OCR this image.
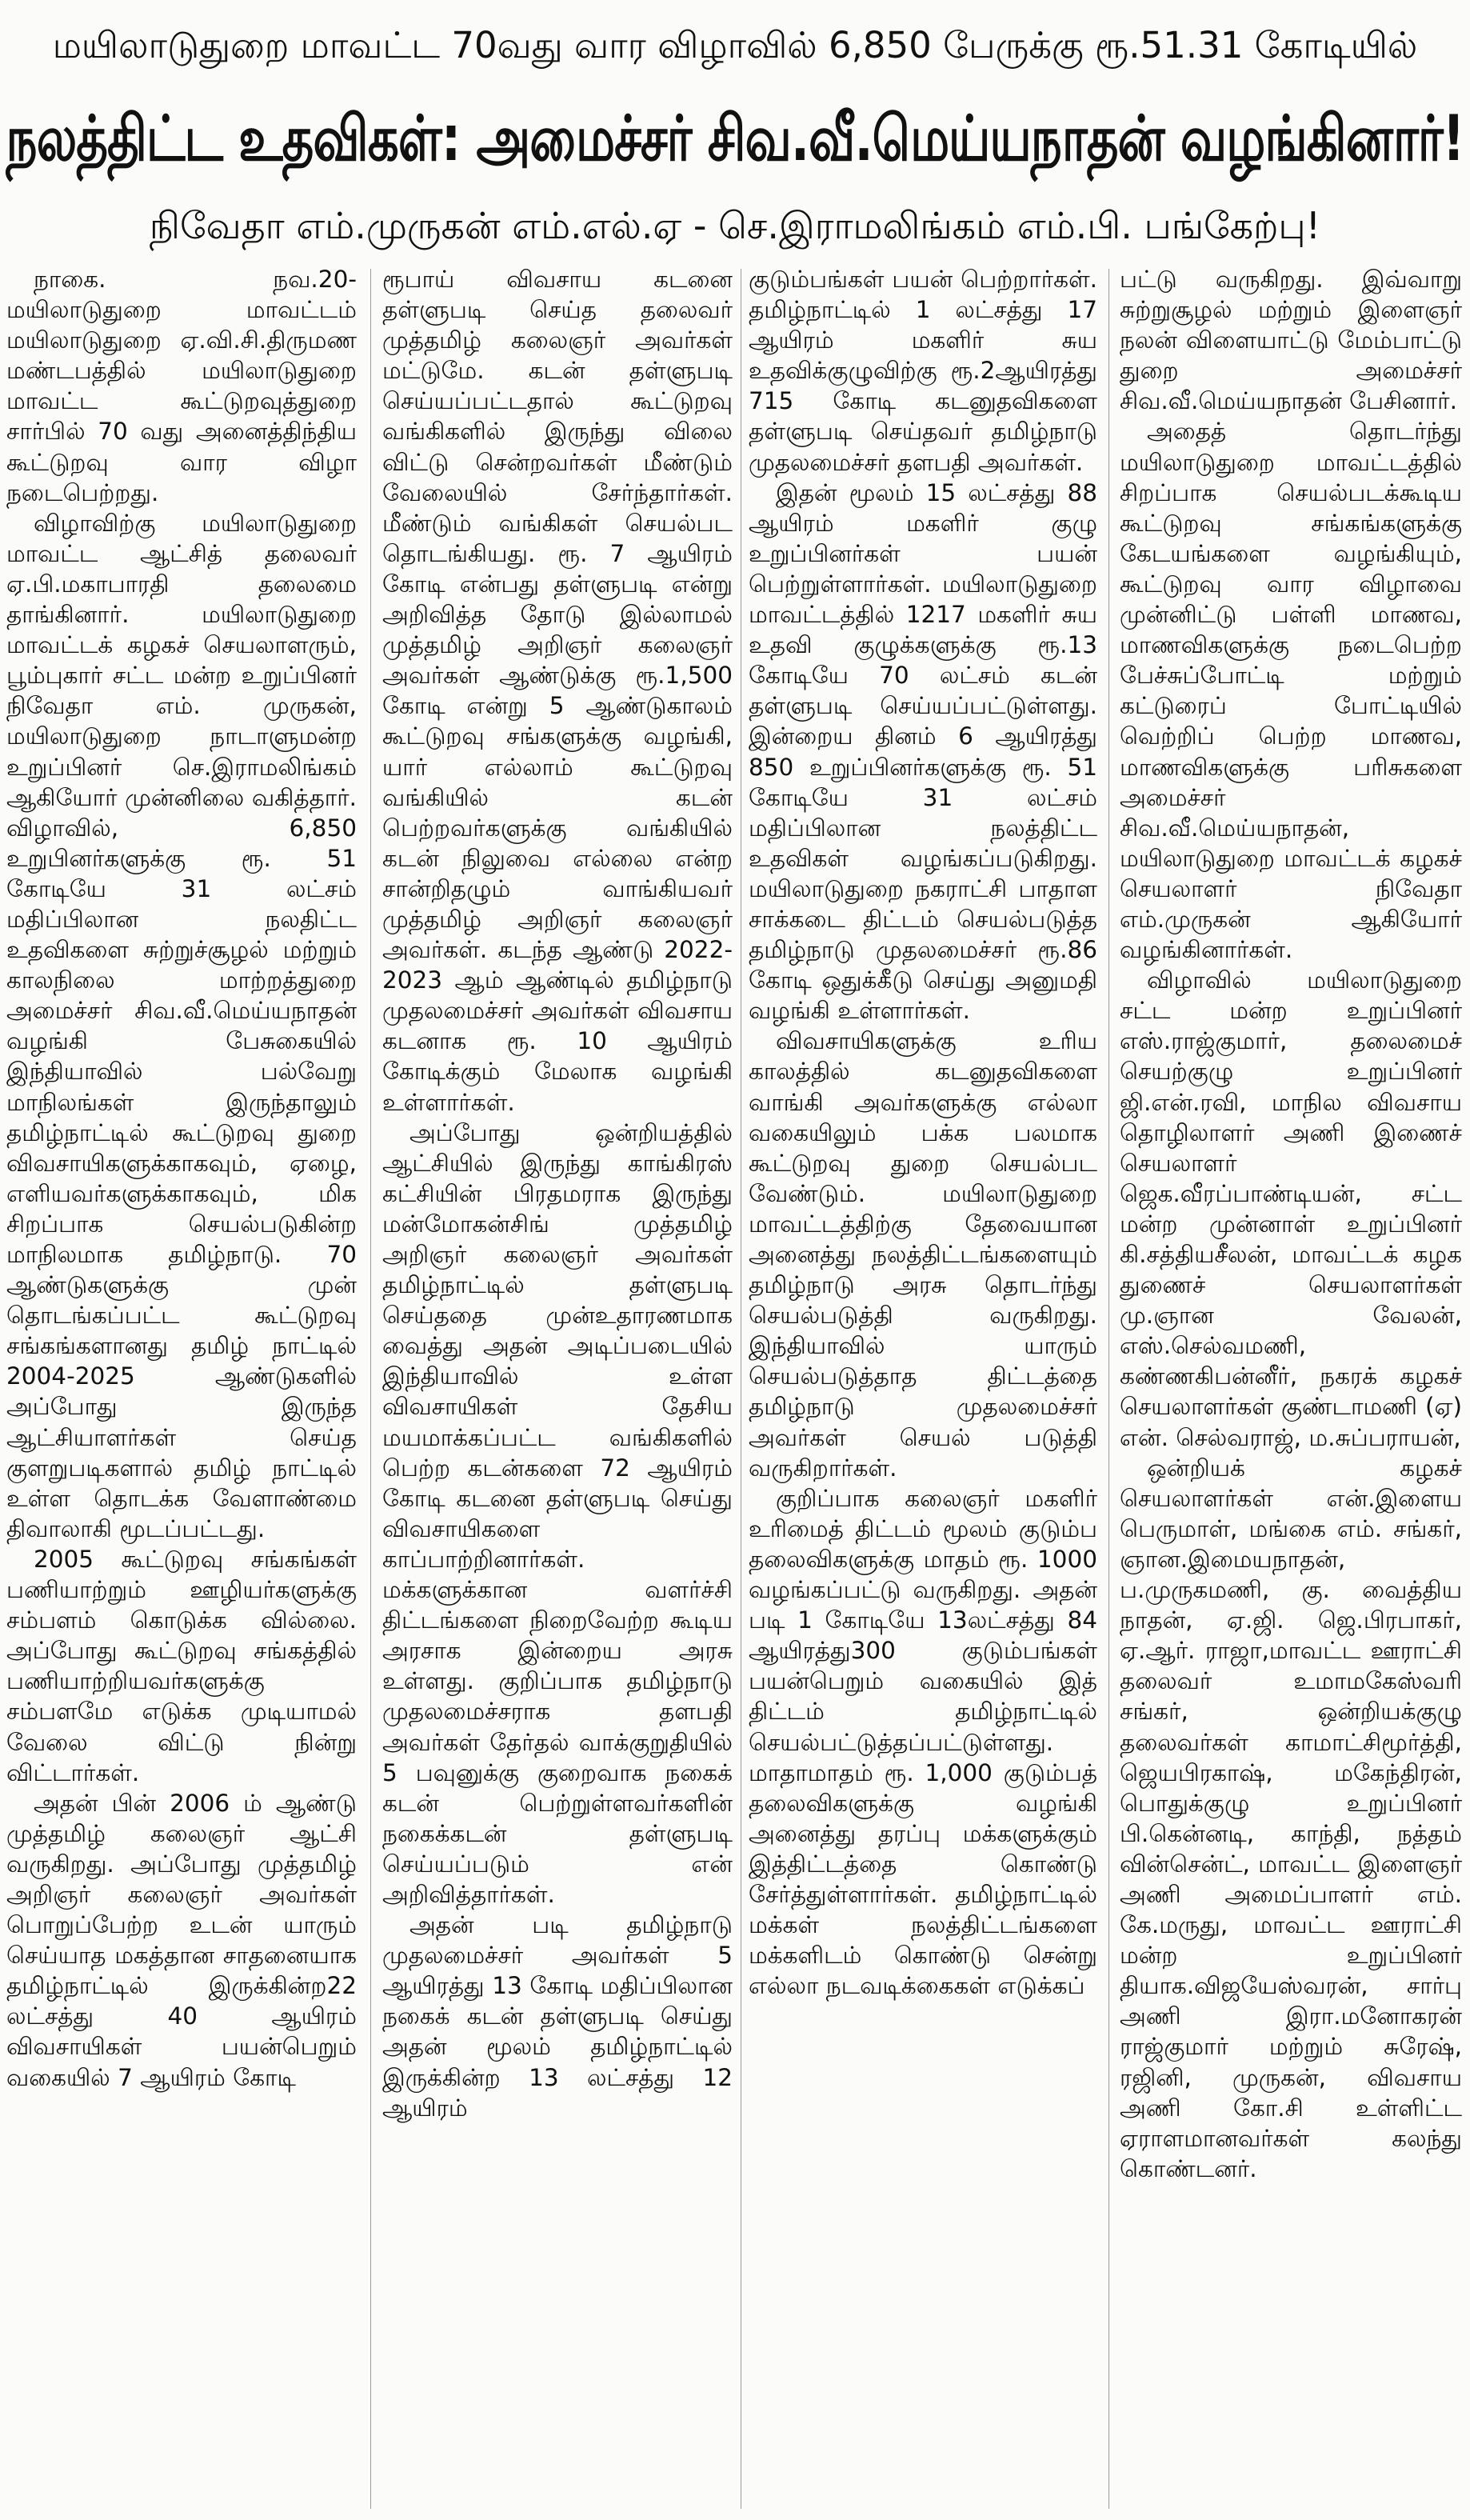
மயிலாடுதுறை மாவட்ட 70வது வார விழாவில் 6,850 பேருக்கு ரூ.51.31 கோடியில்
நலத்திட்ட உதவிகள்: அமைச்சர் சிவ.வீ.மெய்யநாதன் வழங்கினார்!
நிவேதா எம்.முருகன் எம்.எல்.ஏ - செ.இராமலிங்கம் எம்.பி. பங்கேற்பு!

நாகை. நவ.20- மயிலாடுதுறை மாவட்டம் மயிலாடுதுறை ஏ.வி.சி.திருமண மண்டபத்தில் மயிலாடுதுறை மாவட்ட கூட்டுறவுத்துறை சார்பில் 70 வது அனைத்திந்திய கூட்டுறவு வார விழா நடைபெற்றது.

விழாவிற்கு மயிலாடுதுறை மாவட்ட ஆட்சித் தலைவர் ஏ.பி.மகாபாரதி தலைமை தாங்கினார். மயிலாடுதுறை மாவட்டக் கழகச் செயலாளரும், பூம்புகார் சட்ட மன்ற உறுப்பினர் நிவேதா எம். முருகன், மயிலாடுதுறை நாடாளுமன்ற உறுப்பினர் செ.இராமலிங்கம் ஆகியோர் முன்னிலை வகித்தார். விழாவில், 6,850 உறுபினர்களுக்கு ரூ. 51 கோடியே 31 லட்சம் மதிப்பிலான நலதிட்ட உதவிகளை சுற்றுச்சூழல் மற்றும் காலநிலை மாற்றத்துறை அமைச்சர் சிவ.வீ.மெய்யநாதன் வழங்கி பேசுகையில் இந்தியாவில் பல்வேறு மாநிலங்கள் இருந்தாலும் தமிழ்நாட்டில் கூட்டுறவு துறை விவசாயிகளுக்காகவும், ஏழை, எளியவர்களுக்காகவும், மிக சிறப்பாக செயல்படுகின்ற மாநிலமாக தமிழ்நாடு. 70 ஆண்டுகளுக்கு முன் தொடங்கப்பட்ட கூட்டுறவு சங்கங்களானது தமிழ் நாட்டில் 2004-2025 ஆண்டுகளில் அப்போது இருந்த ஆட்சியாளர்கள் செய்த குளறுபடிகளால் தமிழ் நாட்டில் உள்ள தொடக்க வேளாண்மை திவாலாகி மூடப்பட்டது.

2005 கூட்டுறவு சங்கங்கள் பணியாற்றும் ஊழியர்களுக்கு சம்பளம் கொடுக்க வில்லை. அப்போது கூட்டுறவு சங்கத்தில் பணியாற்றியவர்களுக்கு சம்பளமே எடுக்க முடியாமல் வேலை விட்டு நின்று விட்டார்கள்.

அதன் பின் 2006 ம் ஆண்டு முத்தமிழ் கலைஞர் ஆட்சி வருகிறது. அப்போது முத்தமிழ் அறிஞர் கலைஞர் அவர்கள் பொறுப்பேற்ற உடன் யாரும் செய்யாத மகத்தான சாதனையாக தமிழ்நாட்டில் இருக்கின்ற22 லட்சத்து 40 ஆயிரம் விவசாயிகள் பயன்பெறும் வகையில் 7 ஆயிரம் கோடி

ரூபாய் விவசாய கடனை தள்ளுபடி செய்த தலைவர் முத்தமிழ் கலைஞர் அவர்கள் மட்டுமே. கடன் தள்ளுபடி செய்யப்பட்டதால் கூட்டுறவு வங்கிகளில் இருந்து விலை விட்டு சென்றவர்கள் மீண்டும் வேலையில் சேர்ந்தார்கள். மீண்டும் வங்கிகள் செயல்பட தொடங்கியது. ரூ. 7 ஆயிரம் கோடி என்பது தள்ளுபடி என்று அறிவித்த தோடு இல்லாமல் முத்தமிழ் அறிஞர் கலைஞர் அவர்கள் ஆண்டுக்கு ரூ.1,500 கோடி என்று 5 ஆண்டுகாலம் கூட்டுறவு சங்களுக்கு வழங்கி, யார் எல்லாம் கூட்டுறவு வங்கியில் கடன் பெற்றவர்களுக்கு வங்கியில் கடன் நிலுவை எல்லை என்ற சான்றிதழும் வாங்கியவர் முத்தமிழ் அறிஞர் கலைஞர் அவர்கள். கடந்த ஆண்டு 2022-2023 ஆம் ஆண்டில் தமிழ்நாடு முதலமைச்சர் அவர்கள் விவசாய கடனாக ரூ. 10 ஆயிரம் கோடிக்கும் மேலாக வழங்கி உள்ளார்கள்.

அப்போது ஒன்றியத்தில் ஆட்சியில் இருந்து காங்கிரஸ் கட்சியின் பிரதமராக இருந்து மன்மோகன்சிங் முத்தமிழ் அறிஞர் கலைஞர் அவர்கள் தமிழ்நாட்டில் தள்ளுபடி செய்ததை முன்உதாரணமாக வைத்து அதன் அடிப்படையில் இந்தியாவில் உள்ள விவசாயிகள் தேசிய மயமாக்கப்பட்ட வங்கிகளில் பெற்ற கடன்களை 72 ஆயிரம் கோடி கடனை தள்ளுபடி செய்து விவசாயிகளை காப்பாற்றினார்கள். மக்களுக்கான வளர்ச்சி திட்டங்களை நிறைவேற்ற கூடிய அரசாக இன்றைய அரசு உள்ளது. குறிப்பாக தமிழ்நாடு முதலமைச்சராக தளபதி அவர்கள் தேர்தல் வாக்குறுதியில் 5 பவுனுக்கு குறைவாக நகைக் கடன் பெற்றுள்ளவர்களின் நகைக்கடன் தள்ளுபடி செய்யப்படும் என் அறிவித்தார்கள்.

அதன் படி தமிழ்நாடு முதலமைச்சர் அவர்கள் 5 ஆயிரத்து 13 கோடி மதிப்பிலான நகைக் கடன் தள்ளுபடி செய்து அதன் மூலம் தமிழ்நாட்டில் இருக்கின்ற 13 லட்சத்து 12 ஆயிரம்

குடும்பங்கள் பயன் பெற்றார்கள். தமிழ்நாட்டில் 1 லட்சத்து 17 ஆயிரம் மகளிர் சுய உதவிக்குழுவிற்கு ரூ.2ஆயிரத்து 715 கோடி கடனுதவிகளை தள்ளுபடி செய்தவர் தமிழ்நாடு முதலமைச்சர் தளபதி அவர்கள்.

இதன் மூலம் 15 லட்சத்து 88 ஆயிரம் மகளிர் குழு உறுப்பினர்கள் பயன் பெற்றுள்ளார்கள். மயிலாடுதுறை மாவட்டத்தில் 1217 மகளிர் சுய உதவி குழுக்களுக்கு ரூ.13 கோடியே 70 லட்சம் கடன் தள்ளுபடி செய்யப்பட்டுள்ளது. இன்றைய தினம் 6 ஆயிரத்து 850 உறுப்பினர்களுக்கு ரூ. 51 கோடியே 31 லட்சம் மதிப்பிலான நலத்திட்ட உதவிகள் வழங்கப்படுகிறது. மயிலாடுதுறை நகராட்சி பாதாள சாக்கடை திட்டம் செயல்படுத்த தமிழ்நாடு முதலமைச்சர் ரூ.86 கோடி ஒதுக்கீடு செய்து அனுமதி வழங்கி உள்ளார்கள்.

விவசாயிகளுக்கு உரிய காலத்தில் கடனுதவிகளை வாங்கி அவர்களுக்கு எல்லா வகையிலும் பக்க பலமாக கூட்டுறவு துறை செயல்பட வேண்டும். மயிலாடுதுறை மாவட்டத்திற்கு தேவையான அனைத்து நலத்திட்டங்களையும் தமிழ்நாடு அரசு தொடர்ந்து செயல்படுத்தி வருகிறது. இந்தியாவில் யாரும் செயல்படுத்தாத திட்டத்தை தமிழ்நாடு முதலமைச்சர் அவர்கள் செயல் படுத்தி வருகிறார்கள்.

குறிப்பாக கலைஞர் மகளிர் உரிமைத் திட்டம் மூலம் குடும்ப தலைவிகளுக்கு மாதம் ரூ. 1000 வழங்கப்பட்டு வருகிறது. அதன் படி 1 கோடியே 13லட்சத்து 84 ஆயிரத்து300 குடும்பங்கள் பயன்பெறும் வகையில் இத் திட்டம் தமிழ்நாட்டில் செயல்பட்டுத்தப்பட்டுள்ளது. மாதாமாதம் ரூ. 1,000 குடும்பத் தலைவிகளுக்கு வழங்கி அனைத்து தரப்பு மக்களுக்கும் இத்திட்டத்தை கொண்டு சேர்த்துள்ளார்கள். தமிழ்நாட்டில் மக்கள் நலத்திட்டங்களை மக்களிடம் கொண்டு சென்று எல்லா நடவடிக்கைகள் எடுக்கப்

பட்டு வருகிறது. இவ்வாறு சுற்றுசூழல் மற்றும் இளைஞர் நலன் விளையாட்டு மேம்பாட்டு துறை அமைச்சர் சிவ.வீ.மெய்யநாதன் பேசினார்.

அதைத் தொடர்ந்து மயிலாடுதுறை மாவட்டத்தில் சிறப்பாக செயல்படக்கூடிய கூட்டுறவு சங்கங்களுக்கு கேடயங்களை வழங்கியும், கூட்டுறவு வார விழாவை முன்னிட்டு பள்ளி மாணவ, மாணவிகளுக்கு நடைபெற்ற பேச்சுப்போட்டி மற்றும் கட்டுரைப் போட்டியில் வெற்றிப் பெற்ற மாணவ, மாணவிகளுக்கு பரிசுகளை அமைச்சர் சிவ.வீ.மெய்யநாதன், மயிலாடுதுறை மாவட்டக் கழகச் செயலாளர் நிவேதா எம்.முருகன் ஆகியோர் வழங்கினார்கள்.

விழாவில் மயிலாடுதுறை சட்ட மன்ற உறுப்பினர் எஸ்.ராஜ்குமார், தலைமைச் செயற்குழு உறுப்பினர் ஜி.என்.ரவி, மாநில விவசாய தொழிலாளர் அணி இணைச் செயலாளர் ஜெக.வீரப்பாண்டியன், சட்ட மன்ற முன்னாள் உறுப்பினர் கி.சத்தியசீலன், மாவட்டக் கழக துணைச் செயலாளர்கள் மு.ஞான வேலன், எஸ்.செல்வமணி, கண்ணகிபன்னீர், நகரக் கழகச் செயலாளர்கள் குண்டாமணி (ஏ) என். செல்வராஜ், ம.சுப்பராயன்,

ஒன்றியக் கழகச் செயலாளர்கள் என்.இளைய பெருமாள், மங்கை எம். சங்கர், ஞான.இமையநாதன், ப.முருகமணி, கு. வைத்திய நாதன், ஏ.ஜி. ஜெ.பிரபாகர், ஏ.ஆர். ராஜா,மாவட்ட ஊராட்சி தலைவர் உமாமகேஸ்வரி சங்கர், ஒன்றியக்குழு தலைவர்கள் காமாட்சிமூர்த்தி, ஜெயபிரகாஷ், மகேந்திரன், பொதுக்குழு உறுப்பினர் பி.கென்னடி, காந்தி, நத்தம் வின்சென்ட், மாவட்ட இளைஞர் அணி அமைப்பாளர் எம். கே.மருது, மாவட்ட ஊராட்சி மன்ற உறுப்பினர் தியாக.விஜயேஸ்வரன், சார்பு அணி இரா.மனோகரன் ராஜ்குமார் மற்றும் சுரேஷ், ரஜினி, முருகன், விவசாய அணி கோ.சி உள்ளிட்ட ஏராளமானவர்கள் கலந்து கொண்டனர்.
